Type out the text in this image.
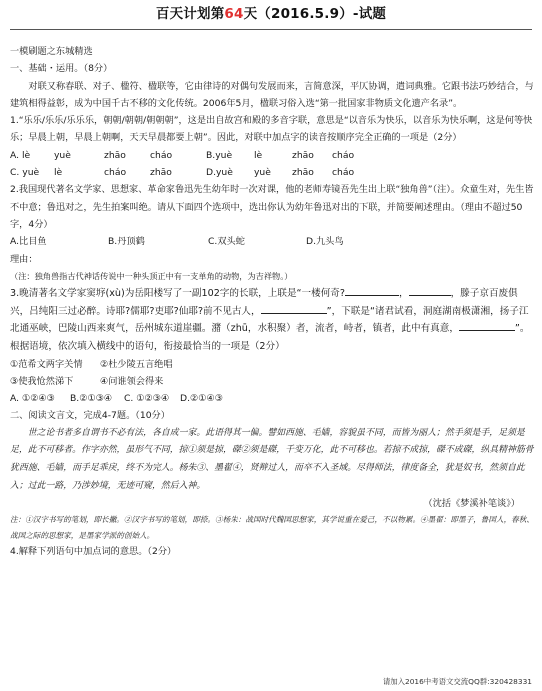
百天计划第64天（2016.5.9）-试题

一模刷题之东城精选

一、基础・运用。（8分）

对联又称春联、对子、楹符、楹联等，它由律诗的对偶句发展而来，言简意深，平仄协调，遣词典雅。它跟书法巧妙结合，与建筑相得益彰，成为中国千古不移的文化传统。2006年5月，楹联习俗入选“第一批国家非物质文化遗产名录”。

1.“乐乐/乐乐/乐乐乐，朝朝/朝朝/朝朝朝”，这是出自故宫和殿的多音字联，意思是“以音乐为快乐，以音乐为快乐啊，这是何等快乐；早晨上朝，早晨上朝啊，天天早晨都要上朝”。因此，对联中加点字的读音按顺序完全正确的一项是（2分）

A. lè	yuè	zhāo	cháo	B.yuè	lè	zhāo	cháo
C. yuè	lè	cháo	zhāo	D.yuè	yuè	zhāo	cháo

2.我国现代著名文学家、思想家、革命家鲁迅先生幼年时一次对课，他的老师寿镜吾先生出上联“独角兽”（注）。众童生对，先生皆不中意；鲁迅对之，先生拍案叫绝。请从下面四个选项中，选出你认为幼年鲁迅对出的下联，并简要阐述理由。（理由不超过50字，4分）

A.比目鱼	B.丹顶鹤	C.双头蛇	D.九头鸟

理由：

（注：独角兽指古代神话传说中一种头顶正中有一支单角的动物，为吉祥物。）

3.晚清著名文学家窦垿(xù)为岳阳楼写了一副102字的长联，上联是“一楼何奇?	，	，滕子京百废俱兴，吕纯阳三过必醉。诗耶?儒耶?吏耶?仙耶?前不见古人，	”，下联是“诸君试看，洞庭湖南极潇湘，扬子江北通巫峡，巴陵山西来爽气，岳州城东道崖疆。潴（zhū，水积聚）者，流者，峙者，镇者，此中有真意，	”。根据语境，依次填入横线中的语句，衔接最恰当的一项是（2分）

①范希文两字关情	②杜少陵五言绝唱
③使我怆然涕下	④问谁领会得来
A. ①②④③	B.②①③④	C. ①②③④	D.②①④③

二、阅读文言文，完成4-7题。（10分）

世之论书者多自谓书不必有法，各自成一家。此语得其一偏。譬如西施、毛嫱，容貌虽不同，而皆为丽人；然手须是手，足须是足，此不可移者。作字亦然，虽形气不同，掠①须是掠，磔②须是磔，千变万化，此不可移也。若掠不成掠，磔不成磔，纵具精神筋骨犹西施、毛嫱，而手足乖戾，终不为完人。杨朱③、墨翟④，贤辩过人，而卒不入圣域。尽得师法，律度备全，犹是奴书，然须自此入；过此一路，乃涉妙境，无迹可窥，然后入神。

（沈括《梦溪补笔谈》）

注：①汉字书写的笔划，即长撇。②汉字书写的笔划，即捺。③杨朱：战国时代魏国思想家，其学说重在爱己，不以物累。④墨翟：即墨子，鲁国人，春秋、战国之际的思想家，是墨家学派的创始人。

4.解释下列语句中加点词的意思。（2分）

请加入2016中考语文交流QQ群:320428331
